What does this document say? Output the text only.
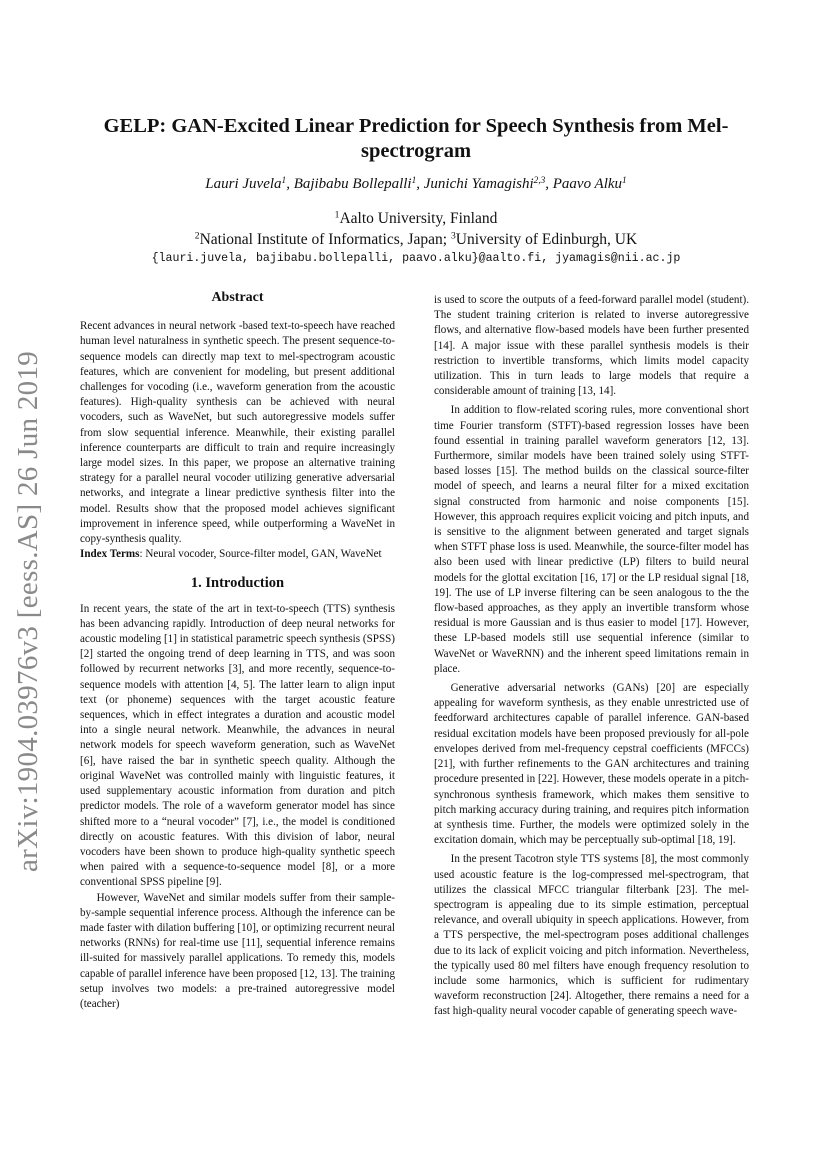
arXiv:1904.03976v3 [eess.AS] 26 Jun 2019
GELP: GAN-Excited Linear Prediction for Speech Synthesis from Mel-spectrogram
Lauri Juvela$^1$, Bajibabu Bollepalli$^1$, Junichi Yamagishi$^{2,3}$, Paavo Alku$^1$
$^1$Aalto University, Finland
$^2$National Institute of Informatics, Japan; $^3$University of Edinburgh, UK
{lauri.juvela, bajibabu.bollepalli, paavo.alku}@aalto.fi, jyamagis@nii.ac.jp

Abstract

Recent advances in neural network -based text-to-speech have reached human level naturalness in synthetic speech. The present sequence-to-sequence models can directly map text to mel-spectrogram acoustic features, which are convenient for modeling, but present additional challenges for vocoding (i.e., waveform generation from the acoustic features). High-quality synthesis can be achieved with neural vocoders, such as WaveNet, but such autoregressive models suffer from slow sequential inference. Meanwhile, their existing parallel inference counterparts are difficult to train and require increasingly large model sizes. In this paper, we propose an alternative training strategy for a parallel neural vocoder utilizing generative adversarial networks, and integrate a linear predictive synthesis filter into the model. Results show that the proposed model achieves significant improvement in inference speed, while outperforming a WaveNet in copy-synthesis quality.

Index Terms: Neural vocoder, Source-filter model, GAN, WaveNet

1. Introduction

In recent years, the state of the art in text-to-speech (TTS) synthesis has been advancing rapidly. Introduction of deep neural networks for acoustic modeling [1] in statistical parametric speech synthesis (SPSS) [2] started the ongoing trend of deep learning in TTS, and was soon followed by recurrent networks [3], and more recently, sequence-to-sequence models with attention [4, 5]. The latter learn to align input text (or phoneme) sequences with the target acoustic feature sequences, which in effect integrates a duration and acoustic model into a single neural network. Meanwhile, the advances in neural network models for speech waveform generation, such as WaveNet [6], have raised the bar in synthetic speech quality. Although the original WaveNet was controlled mainly with linguistic features, it used supplementary acoustic information from duration and pitch predictor models. The role of a waveform generator model has since shifted more to a “neural vocoder” [7], i.e., the model is conditioned directly on acoustic features. With this division of labor, neural vocoders have been shown to produce high-quality synthetic speech when paired with a sequence-to-sequence model [8], or a more conventional SPSS pipeline [9].

However, WaveNet and similar models suffer from their sample-by-sample sequential inference process. Although the inference can be made faster with dilation buffering [10], or optimizing recurrent neural networks (RNNs) for real-time use [11], sequential inference remains ill-suited for massively parallel applications. To remedy this, models capable of parallel inference have been proposed [12, 13]. The training setup involves two models: a pre-trained autoregressive model (teacher)

is used to score the outputs of a feed-forward parallel model (student). The student training criterion is related to inverse autoregressive flows, and alternative flow-based models have been further presented [14]. A major issue with these parallel synthesis models is their restriction to invertible transforms, which limits model capacity utilization. This in turn leads to large models that require a considerable amount of training [13, 14].

In addition to flow-related scoring rules, more conventional short time Fourier transform (STFT)-based regression losses have been found essential in training parallel waveform generators [12, 13]. Furthermore, similar models have been trained solely using STFT-based losses [15]. The method builds on the classical source-filter model of speech, and learns a neural filter for a mixed excitation signal constructed from harmonic and noise components [15]. However, this approach requires explicit voicing and pitch inputs, and is sensitive to the alignment between generated and target signals when STFT phase loss is used. Meanwhile, the source-filter model has also been used with linear predictive (LP) filters to build neural models for the glottal excitation [16, 17] or the LP residual signal [18, 19]. The use of LP inverse filtering can be seen analogous to the the flow-based approaches, as they apply an invertible transform whose residual is more Gaussian and is thus easier to model [17]. However, these LP-based models still use sequential inference (similar to WaveNet or WaveRNN) and the inherent speed limitations remain in place.

Generative adversarial networks (GANs) [20] are especially appealing for waveform synthesis, as they enable unrestricted use of feedforward architectures capable of parallel inference. GAN-based residual excitation models have been proposed previously for all-pole envelopes derived from mel-frequency cepstral coefficients (MFCCs) [21], with further refinements to the GAN architectures and training procedure presented in [22]. However, these models operate in a pitch-synchronous synthesis framework, which makes them sensitive to pitch marking accuracy during training, and requires pitch information at synthesis time. Further, the models were optimized solely in the excitation domain, which may be perceptually sub-optimal [18, 19].

In the present Tacotron style TTS systems [8], the most commonly used acoustic feature is the log-compressed mel-spectrogram, that utilizes the classical MFCC triangular filterbank [23]. The mel-spectrogram is appealing due to its simple estimation, perceptual relevance, and overall ubiquity in speech applications. However, from a TTS perspective, the mel-spectrogram poses additional challenges due to its lack of explicit voicing and pitch information. Nevertheless, the typically used 80 mel filters have enough frequency resolution to include some harmonics, which is sufficient for rudimentary waveform reconstruction [24]. Altogether, there remains a need for a fast high-quality neural vocoder capable of generating speech wave-
